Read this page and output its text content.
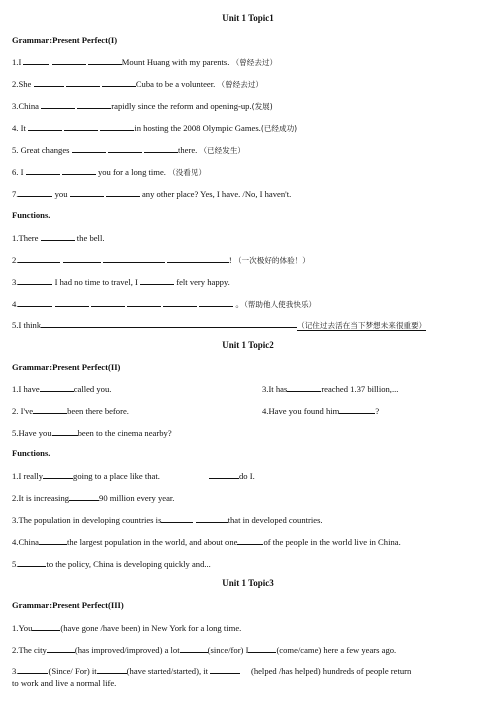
Unit 1 Topic1
Grammar:Present Perfect(I)
1.I	Mount Huang with my parents. （曾经去过）
2.She	Cuba to be a volunteer. （曾经去过）
3.China	rapidly since the reform and opening-up.(发展)
4. It	in hosting the 2008 Olympic Games.(已经成功)
5. Great changes	there. （已经发生）
6. I	you for a long time. （没看见）
7.	you	any other place? Yes, I have. /No, I haven't.
Functions.
1.There	the bell.
2.	! （一次极好的体验！）
3.	I had no time to travel, I	felt very happy.
4.	。（帮助他人使我快乐）
5.I think	（记住过去活在当下梦想未来很重要）
Unit 1 Topic2
Grammar:Present Perfect(II)
1.I have	called you.	3.It has	reached 1.37 billion,...
2. I've	been there before.	4.Have you found him	?
5.Have you	been to the cinema nearby?
Functions.
1.I really	going to a place like that.	do I.
2.It is increasing	90 million every year.
3.The population in developing countries is	that in developed countries.
4.China	the largest population in the world, and about one	of the people in the world live in China.
5.	to the policy, China is developing quickly and...
Unit 1 Topic3
Grammar:Present Perfect(III)
1.You	(have gone /have been) in New York for a long time.
2.The city	(has improved/improved) a lot	(since/for) I	(come/came) here a few years ago.
3.	(Since/ For) it	(have started/started), it	(helped /has helped) hundreds of people return
to work and live a normal life.
